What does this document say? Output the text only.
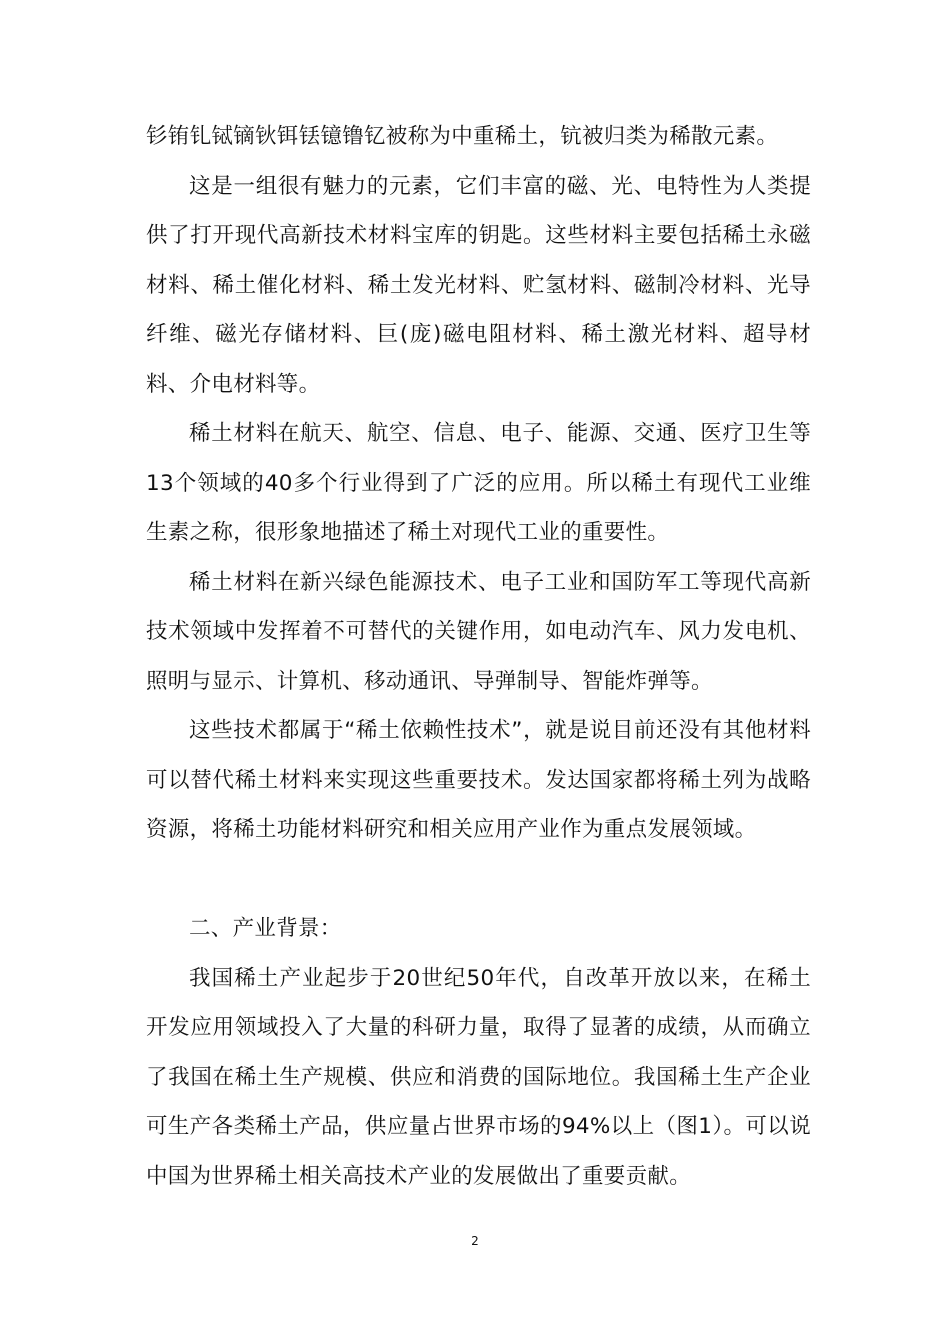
钐铕钆铽镝钬铒铥镱镥钇被称为中重稀土，钪被归类为稀散元素。

这是一组很有魅力的元素，它们丰富的磁、光、电特性为人类提供了打开现代高新技术材料宝库的钥匙。这些材料主要包括稀土永磁材料、稀土催化材料、稀土发光材料、贮氢材料、磁制冷材料、光导纤维、磁光存储材料、巨(庞)磁电阻材料、稀土激光材料、超导材料、介电材料等。

稀土材料在航天、航空、信息、电子、能源、交通、医疗卫生等13个领域的40多个行业得到了广泛的应用。所以稀土有现代工业维生素之称，很形象地描述了稀土对现代工业的重要性。

稀土材料在新兴绿色能源技术、电子工业和国防军工等现代高新技术领域中发挥着不可替代的关键作用，如电动汽车、风力发电机、照明与显示、计算机、移动通讯、导弹制导、智能炸弹等。

这些技术都属于“稀土依赖性技术”，就是说目前还没有其他材料可以替代稀土材料来实现这些重要技术。发达国家都将稀土列为战略资源，将稀土功能材料研究和相关应用产业作为重点发展领域。

二、产业背景：

我国稀土产业起步于20世纪50年代，自改革开放以来，在稀土开发应用领域投入了大量的科研力量，取得了显著的成绩，从而确立了我国在稀土生产规模、供应和消费的国际地位。我国稀土生产企业可生产各类稀土产品，供应量占世界市场的94%以上（图1）。可以说中国为世界稀土相关高技术产业的发展做出了重要贡献。

2
